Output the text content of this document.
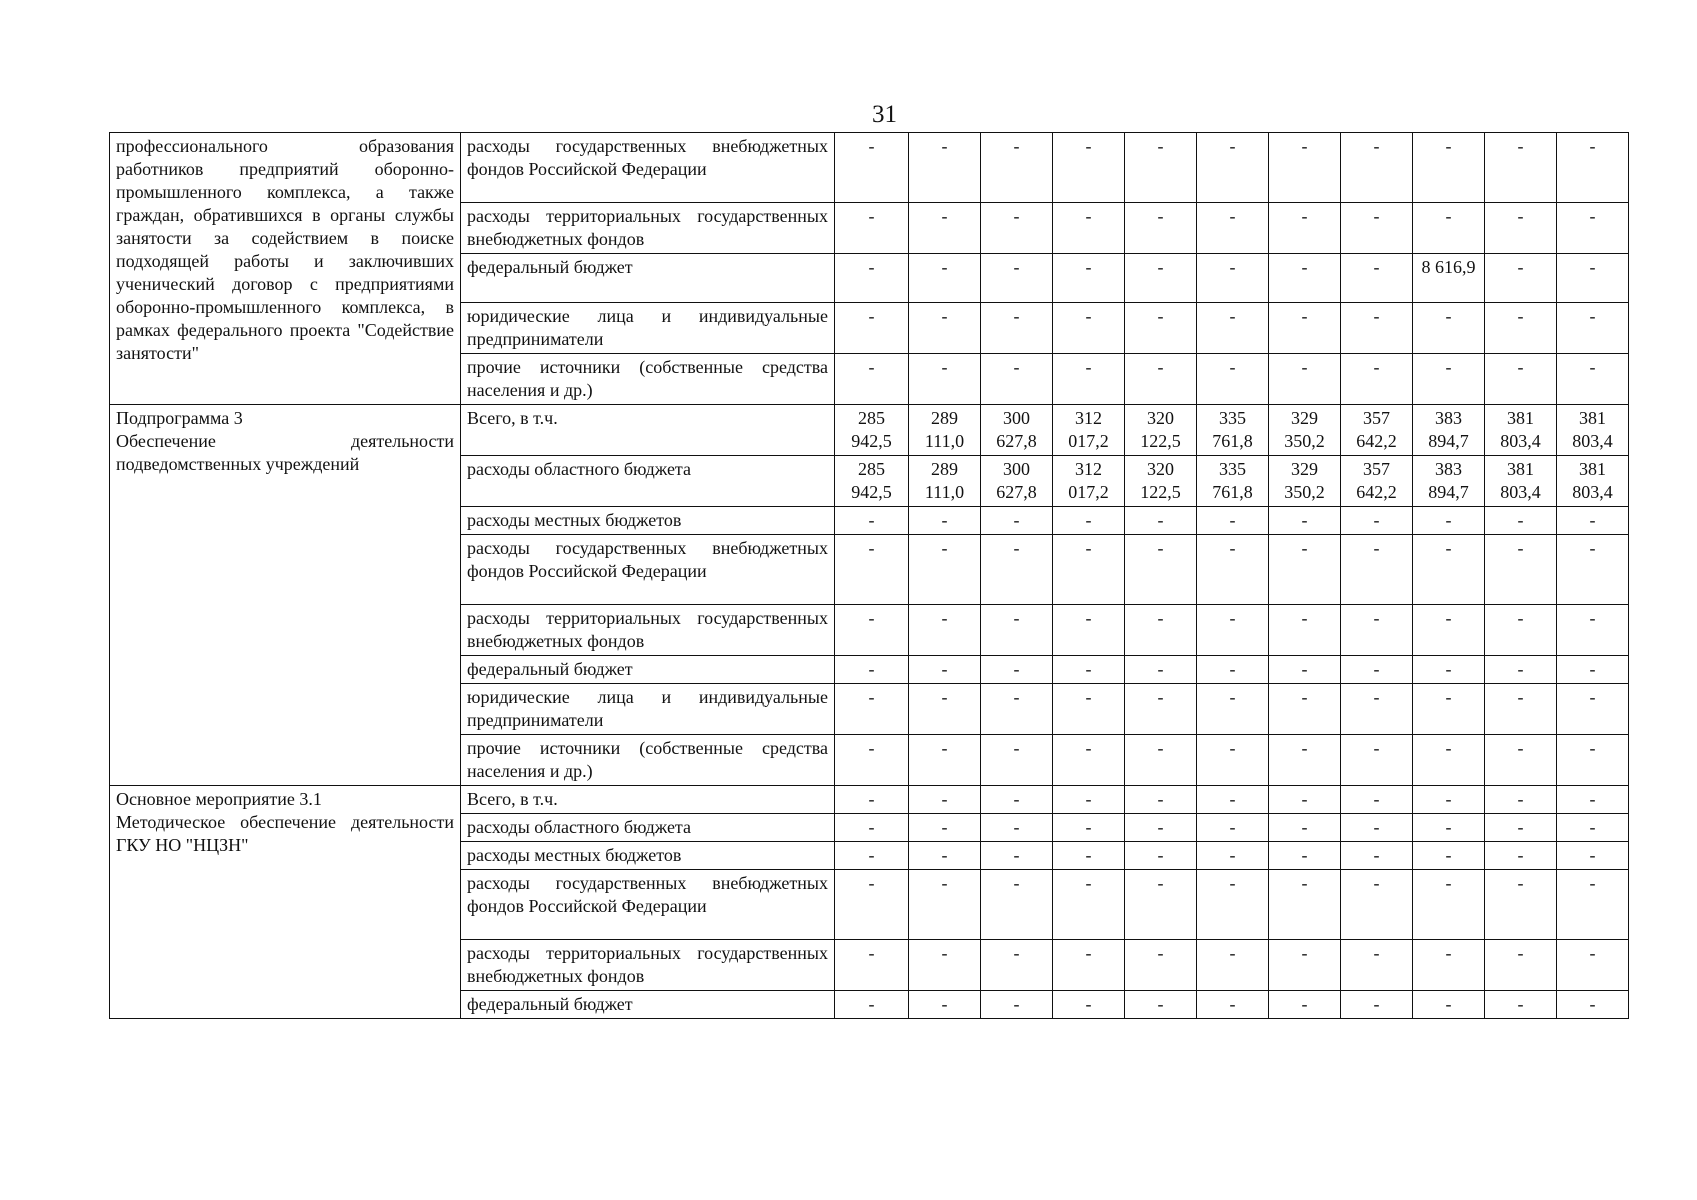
31
профессионального образования работников предприятий оборонно-промышленного комплекса, а также граждан, обратившихся в органы службы занятости за содействием в поиске подходящей работы и заключивших ученический договор с предприятиями оборонно-промышленного комплекса, в рамках федерального проекта "Содействие занятости"	расходы государственных внебюджетных фондов Российской Федерации	-	-	-	-	-	-	-	-	-	-	-
	расходы территориальных государственных внебюджетных фондов	-	-	-	-	-	-	-	-	-	-	-
	федеральный бюджет	-	-	-	-	-	-	-	-	8 616,9	-	-
	юридические лица и индивидуальные предприниматели	-	-	-	-	-	-	-	-	-	-	-
	прочие источники (собственные средства населения и др.)	-	-	-	-	-	-	-	-	-	-	-

Подпрограмма 3
Обеспечение деятельности подведомственных учреждений	Всего, в т.ч.	285 942,5	289 111,0	300 627,8	312 017,2	320 122,5	335 761,8	329 350,2	357 642,2	383 894,7	381 803,4	381 803,4
	расходы областного бюджета	285 942,5	289 111,0	300 627,8	312 017,2	320 122,5	335 761,8	329 350,2	357 642,2	383 894,7	381 803,4	381 803,4
	расходы местных бюджетов	-	-	-	-	-	-	-	-	-	-	-
	расходы государственных внебюджетных фондов Российской Федерации	-	-	-	-	-	-	-	-	-	-	-
	расходы территориальных государственных внебюджетных фондов	-	-	-	-	-	-	-	-	-	-	-
	федеральный бюджет	-	-	-	-	-	-	-	-	-	-	-
	юридические лица и индивидуальные предприниматели	-	-	-	-	-	-	-	-	-	-	-
	прочие источники (собственные средства населения и др.)	-	-	-	-	-	-	-	-	-	-	-

Основное мероприятие 3.1
Методическое обеспечение деятельности ГКУ НО "НЦЗН"	Всего, в т.ч.	-	-	-	-	-	-	-	-	-	-	-
	расходы областного бюджета	-	-	-	-	-	-	-	-	-	-	-
	расходы местных бюджетов	-	-	-	-	-	-	-	-	-	-	-
	расходы государственных внебюджетных фондов Российской Федерации	-	-	-	-	-	-	-	-	-	-	-
	расходы территориальных государственных внебюджетных фондов	-	-	-	-	-	-	-	-	-	-	-
	федеральный бюджет	-	-	-	-	-	-	-	-	-	-	-
